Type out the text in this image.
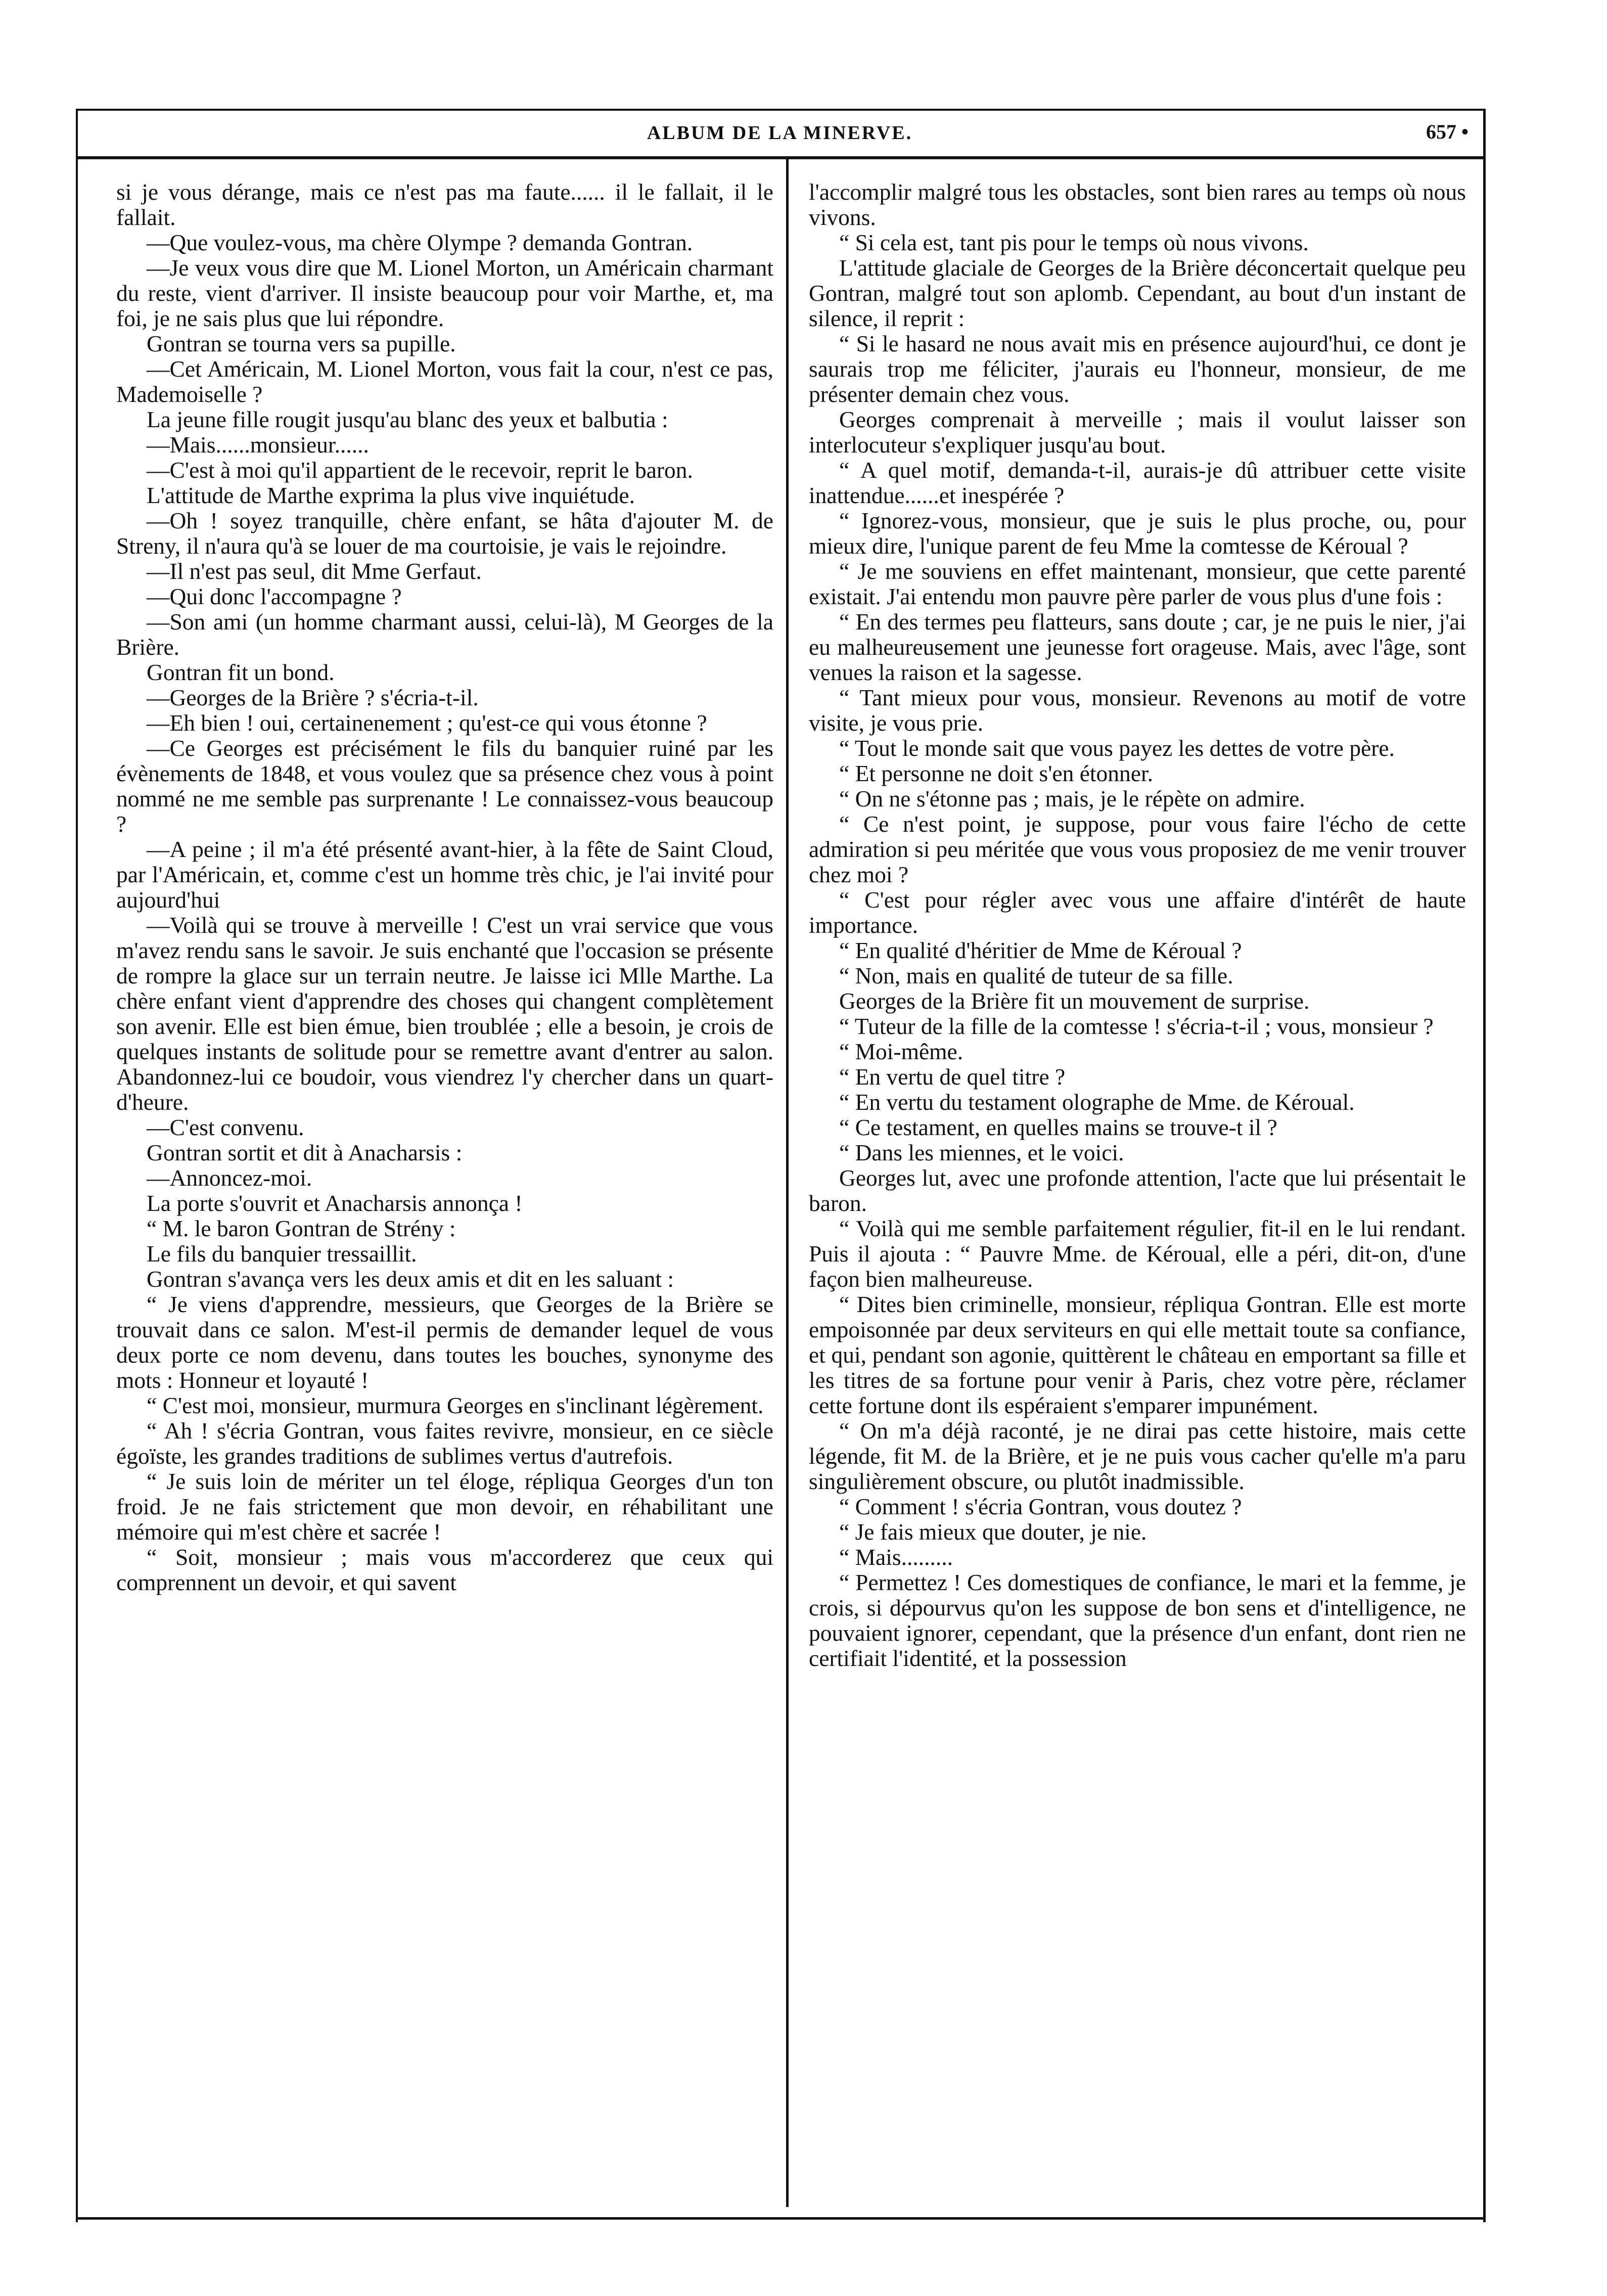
ALBUM DE LA MINERVE.	657 •

si je vous dérange, mais ce n'est pas ma faute...... il le fallait, il le fallait.

—Que voulez-vous, ma chère Olympe ? demanda Gontran.

—Je veux vous dire que M. Lionel Morton, un Américain charmant du reste, vient d'arriver. Il insiste beaucoup pour voir Marthe, et, ma foi, je ne sais plus que lui répondre.

Gontran se tourna vers sa pupille.

—Cet Américain, M. Lionel Morton, vous fait la cour, n'est ce pas, Mademoiselle ?

La jeune fille rougit jusqu'au blanc des yeux et balbutia :

—Mais......monsieur......

—C'est à moi qu'il appartient de le recevoir, reprit le baron.

L'attitude de Marthe exprima la plus vive inquiétude.

—Oh ! soyez tranquille, chère enfant, se hâta d'ajouter M. de Streny, il n'aura qu'à se louer de ma courtoisie, je vais le rejoindre.

—Il n'est pas seul, dit Mme Gerfaut.

—Qui donc l'accompagne ?

—Son ami (un homme charmant aussi, celui-là), M Georges de la Brière.

Gontran fit un bond.

—Georges de la Brière ? s'écria-t-il.

—Eh bien ! oui, certainenement ; qu'est-ce qui vous étonne ?

—Ce Georges est précisément le fils du banquier ruiné par les évènements de 1848, et vous voulez que sa présence chez vous à point nommé ne me semble pas surprenante ! Le connaissez-vous beaucoup ?

—A peine ; il m'a été présenté avant-hier, à la fête de Saint Cloud, par l'Américain, et, comme c'est un homme très chic, je l'ai invité pour aujourd'hui

—Voilà qui se trouve à merveille ! C'est un vrai service que vous m'avez rendu sans le savoir. Je suis enchanté que l'occasion se présente de rompre la glace sur un terrain neutre. Je laisse ici Mlle Marthe. La chère enfant vient d'apprendre des choses qui changent complètement son avenir. Elle est bien émue, bien troublée ; elle a besoin, je crois de quelques instants de solitude pour se remettre avant d'entrer au salon. Abandonnez-lui ce boudoir, vous viendrez l'y chercher dans un quart-d'heure.

—C'est convenu.

Gontran sortit et dit à Anacharsis :

—Annoncez-moi.

La porte s'ouvrit et Anacharsis annonça !

“ M. le baron Gontran de Strény :

Le fils du banquier tressaillit.

Gontran s'avança vers les deux amis et dit en les saluant :

“ Je viens d'apprendre, messieurs, que Georges de la Brière se trouvait dans ce salon. M'est-il permis de demander lequel de vous deux porte ce nom devenu, dans toutes les bouches, synonyme des mots : Honneur et loyauté !

“ C'est moi, monsieur, murmura Georges en s'inclinant légèrement.

“ Ah ! s'écria Gontran, vous faites revivre, monsieur, en ce siècle égoïste, les grandes traditions de sublimes vertus d'autrefois.

“ Je suis loin de mériter un tel éloge, répliqua Georges d'un ton froid. Je ne fais strictement que mon devoir, en réhabilitant une mémoire qui m'est chère et sacrée !

“ Soit, monsieur ; mais vous m'accorderez que ceux qui comprennent un devoir, et qui savent

l'accomplir malgré tous les obstacles, sont bien rares au temps où nous vivons.

“ Si cela est, tant pis pour le temps où nous vivons.

L'attitude glaciale de Georges de la Brière déconcertait quelque peu Gontran, malgré tout son aplomb. Cependant, au bout d'un instant de silence, il reprit :

“ Si le hasard ne nous avait mis en présence aujourd'hui, ce dont je saurais trop me féliciter, j'aurais eu l'honneur, monsieur, de me présenter demain chez vous.

Georges comprenait à merveille ; mais il voulut laisser son interlocuteur s'expliquer jusqu'au bout.

“ A quel motif, demanda-t-il, aurais-je dû attribuer cette visite inattendue......et inespérée ?

“ Ignorez-vous, monsieur, que je suis le plus proche, ou, pour mieux dire, l'unique parent de feu Mme la comtesse de Kéroual ?

“ Je me souviens en effet maintenant, monsieur, que cette parenté existait. J'ai entendu mon pauvre père parler de vous plus d'une fois :

“ En des termes peu flatteurs, sans doute ; car, je ne puis le nier, j'ai eu malheureusement une jeunesse fort orageuse. Mais, avec l'âge, sont venues la raison et la sagesse.

“ Tant mieux pour vous, monsieur. Revenons au motif de votre visite, je vous prie.

“ Tout le monde sait que vous payez les dettes de votre père.

“ Et personne ne doit s'en étonner.

“ On ne s'étonne pas ; mais, je le répète on admire.

“ Ce n'est point, je suppose, pour vous faire l'écho de cette admiration si peu méritée que vous vous proposiez de me venir trouver chez moi ?

“ C'est pour régler avec vous une affaire d'intérêt de haute importance.

“ En qualité d'héritier de Mme de Kéroual ?

“ Non, mais en qualité de tuteur de sa fille.

Georges de la Brière fit un mouvement de surprise.

“ Tuteur de la fille de la comtesse ! s'écria-t-il ; vous, monsieur ?

“ Moi-même.

“ En vertu de quel titre ?

“ En vertu du testament olographe de Mme. de Kéroual.

“ Ce testament, en quelles mains se trouve-t il ?

“ Dans les miennes, et le voici.

Georges lut, avec une profonde attention, l'acte que lui présentait le baron.

“ Voilà qui me semble parfaitement régulier, fit-il en le lui rendant. Puis il ajouta : “ Pauvre Mme. de Kéroual, elle a péri, dit-on, d'une façon bien malheureuse.

“ Dites bien criminelle, monsieur, répliqua Gontran. Elle est morte empoisonnée par deux serviteurs en qui elle mettait toute sa confiance, et qui, pendant son agonie, quittèrent le château en emportant sa fille et les titres de sa fortune pour venir à Paris, chez votre père, réclamer cette fortune dont ils espéraient s'emparer impunément.

“ On m'a déjà raconté, je ne dirai pas cette histoire, mais cette légende, fit M. de la Brière, et je ne puis vous cacher qu'elle m'a paru singulièrement obscure, ou plutôt inadmissible.

“ Comment ! s'écria Gontran, vous doutez ?

“ Je fais mieux que douter, je nie.

“ Mais.........

“ Permettez ! Ces domestiques de confiance, le mari et la femme, je crois, si dépourvus qu'on les suppose de bon sens et d'intelligence, ne pouvaient ignorer, cependant, que la présence d'un enfant, dont rien ne certifiait l'identité, et la possession
